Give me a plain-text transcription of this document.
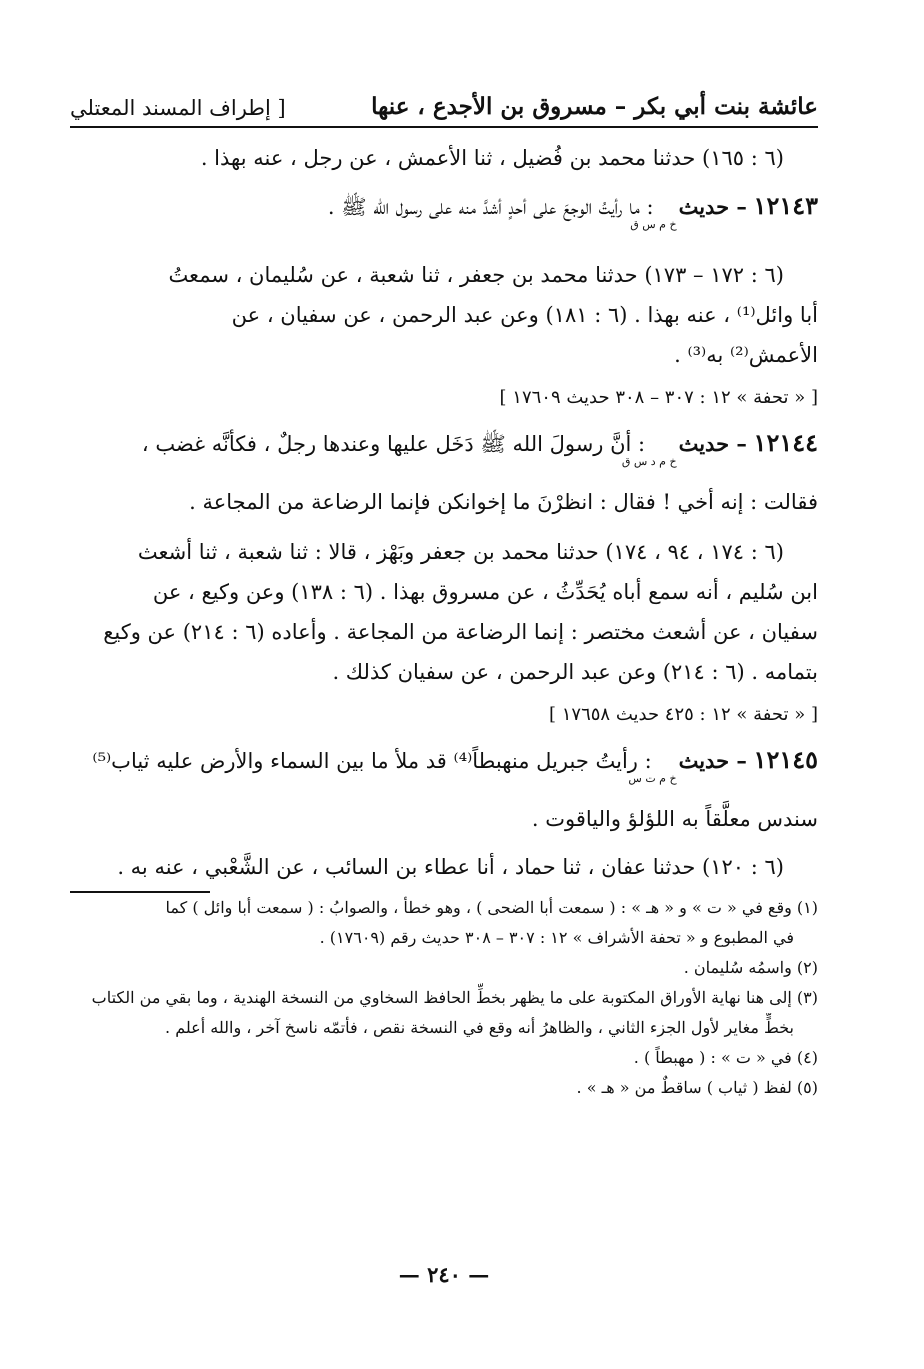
عائشة بنت أبي بكر – مسروق بن الأجدع ، عنها
[ إطراف المسند المعتلي
(٦ : ١٦٥) حدثنا محمد بن فُضيل ، ثنا الأعمش ، عن رجل ، عنه بهذا .
١٢١٤٣ – حديثخ م س ق : ما رأيتُ الوجعَ على أحدٍ أشدَّ منه على رسول الله ﷺ .
(٦ : ١٧٢ – ١٧٣) حدثنا محمد بن جعفر ، ثنا شعبة ، عن سُليمان ، سمعتُ
أبا وائل⁽¹⁾ ، عنه بهذا . (٦ : ١٨١) وعن عبد الرحمن ، عن سفيان ، عن
الأعمش⁽²⁾ به⁽³⁾ .

[ « تحفة » ١٢ : ٣٠٧ – ٣٠٨ حديث ١٧٦٠٩ ]

١٢١٤٤ – حديثخ م د س ق : أنَّ رسولَ الله ﷺ دَخَل عليها وعندها رجلٌ ، فكأنَّه غضب ،
فقالت : إنه أخي ! فقال : انظرْنَ ما إخوانكن فإنما الرضاعة من المجاعة .
(٦ : ١٧٤ ، ٩٤ ، ١٧٤) حدثنا محمد بن جعفر وبَهْز ، قالا : ثنا شعبة ، ثنا أشعث
ابن سُليم ، أنه سمع أباه يُحَدِّثُ ، عن مسروق بهذا . (٦ : ١٣٨) وعن وكيع ، عن
سفيان ، عن أشعث مختصر : إنما الرضاعة من المجاعة . وأعاده (٦ : ٢١٤) عن وكيع
بتمامه . (٦ : ٢١٤) وعن عبد الرحمن ، عن سفيان كذلك .

[ « تحفة » ١٢ : ٤٢٥ حديث ١٧٦٥٨ ]

١٢١٤٥ – حديثخ م ت س : رأيتُ جبريل منهبطاً⁽⁴⁾ قد ملأ ما بين السماء والأرض عليه ثياب⁽⁵⁾
سندس معلَّقاً به اللؤلؤ والياقوت .
(٦ : ١٢٠) حدثنا عفان ، ثنا حماد ، أنا عطاء بن السائب ، عن الشَّعْبي ، عنه به .
(١) وقع في « ت » و « هـ » : ( سمعت أبا الضحى ) ، وهو خطأ ، والصوابُ : ( سمعت أبا وائل ) كما
في المطبوع و « تحفة الأشراف » ١٢ : ٣٠٧ – ٣٠٨ حديث رقم (١٧٦٠٩) .
(٢) واسمُه سُليمان .
(٣) إلى هنا نهاية الأوراق المكتوبة على ما يظهر بخطِّ الحافظ السخاوي من النسخة الهندية ، وما بقي من الكتاب
بخطٍّ مغاير لأول الجزء الثاني ، والظاهرُ أنه وقع في النسخة نقص ، فأتمّه ناسخ آخر ، والله أعلم .
(٤) في « ت » : ( مهبطاً ) .
(٥) لفظ ( ثياب ) ساقطٌ من « هـ » .
— ٢٤٠ —
